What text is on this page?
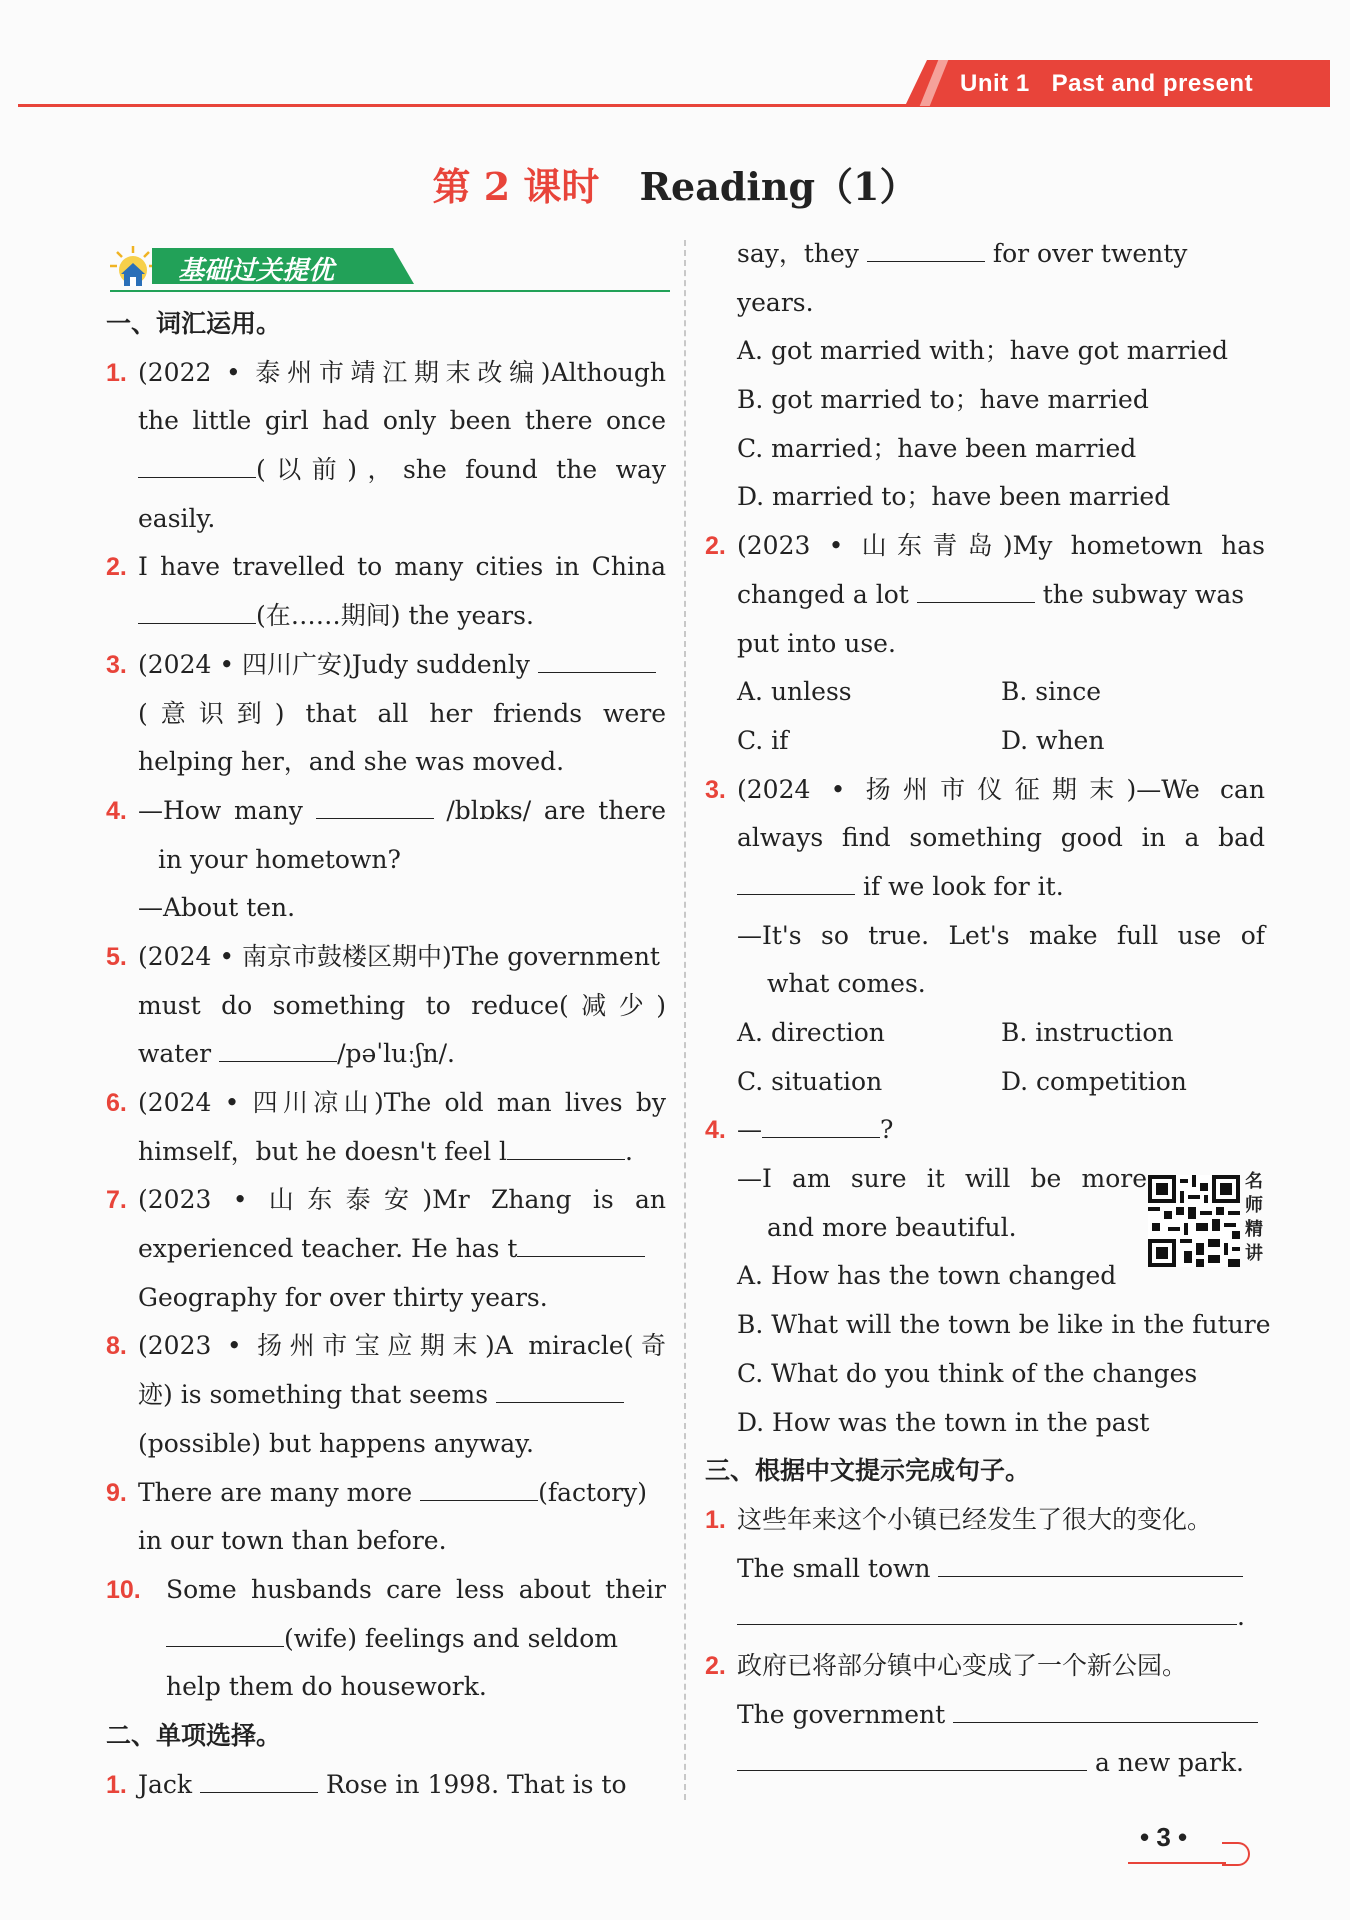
Unit 1 Past and present
第 2 课时 Reading（1）
基础过关提优
一、词汇运用。
1. (2022 • 泰州市靖江期末改编)Although
the little girl had only been there once
(以前)，she found the way
easily.
2. I have travelled to many cities in China
(在……期间) the years.
3. (2024 • 四川广安)Judy suddenly
(意识到) that all her friends were
helping her，and she was moved.
4. —How many	/blɒks/ are there
in your hometown?
—About ten.
5. (2024 • 南京市鼓楼区期中)The government
must do something to reduce(减少)
water	/pəˈluːʃn/.
6. (2024 • 四川凉山)The old man lives by
himself，but he doesn't feel l	.
7. (2023 • 山东泰安)Mr Zhang is an
experienced teacher. He has t
Geography for over thirty years.
8. (2023 • 扬州市宝应期末)A miracle(奇
迹) is something that seems
(possible) but happens anyway.
9. There are many more	(factory)
in our town than before.
10. Some husbands care less about their
(wife) feelings and seldom
help them do housework.
二、单项选择。
1. Jack	Rose in 1998. That is to
say，they	for over twenty
years.
A. got married with；have got married
B. got married to；have married
C. married；have been married
D. married to；have been married
2. (2023 • 山东青岛)My hometown has
changed a lot	the subway was
put into use.
A. unless	B. since
C. if	D. when
3. (2024 • 扬州市仪征期末)—We can
always find something good in a bad
if we look for it.
—It's so true. Let's make full use of
what comes.
A. direction	B. instruction
C. situation	D. competition
4. —	?
—I am sure it will be more
and more beautiful.
A. How has the town changed
B. What will the town be like in the future
C. What do you think of the changes
D. How was the town in the past
三、根据中文提示完成句子。
1. 这些年来这个小镇已经发生了很大的变化。
The small town
.
2. 政府已将部分镇中心变成了一个新公园。
The government
a new park.
名师精讲
• 3 •
